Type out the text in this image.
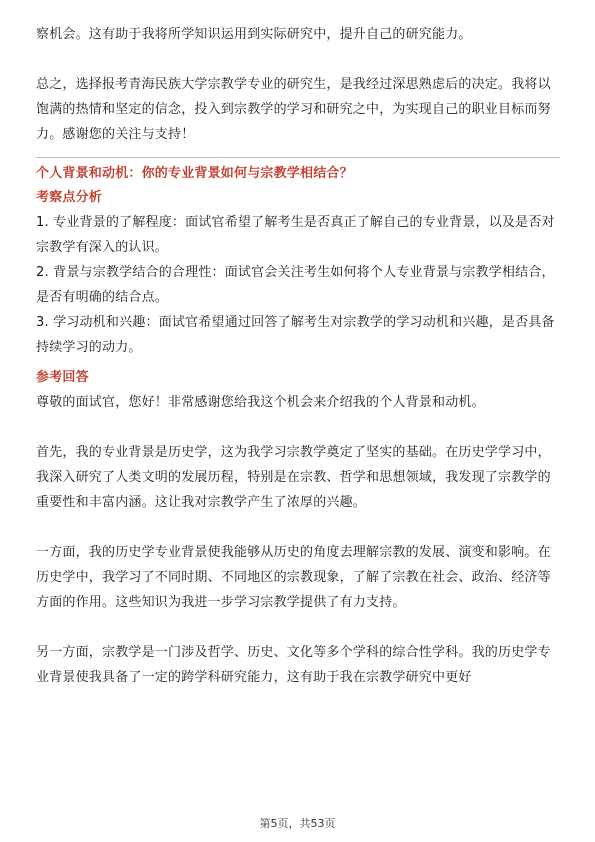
察机会。这有助于我将所学知识运用到实际研究中，提升自己的研究能力。

总之，选择报考青海民族大学宗教学专业的研究生，是我经过深思熟虑后的决定。我将以饱满的热情和坚定的信念，投入到宗教学的学习和研究之中，为实现自己的职业目标而努力。感谢您的关注与支持！

个人背景和动机：你的专业背景如何与宗教学相结合？

考察点分析

1. 专业背景的了解程度：面试官希望了解考生是否真正了解自己的专业背景，以及是否对宗教学有深入的认识。

2. 背景与宗教学结合的合理性：面试官会关注考生如何将个人专业背景与宗教学相结合，是否有明确的结合点。

3. 学习动机和兴趣：面试官希望通过回答了解考生对宗教学的学习动机和兴趣，是否具备持续学习的动力。

参考回答

尊敬的面试官，您好！非常感谢您给我这个机会来介绍我的个人背景和动机。

首先，我的专业背景是历史学，这为我学习宗教学奠定了坚实的基础。在历史学学习中，我深入研究了人类文明的发展历程，特别是在宗教、哲学和思想领域，我发现了宗教学的重要性和丰富内涵。这让我对宗教学产生了浓厚的兴趣。

一方面，我的历史学专业背景使我能够从历史的角度去理解宗教的发展、演变和影响。在历史学中，我学习了不同时期、不同地区的宗教现象，了解了宗教在社会、政治、经济等方面的作用。这些知识为我进一步学习宗教学提供了有力支持。

另一方面，宗教学是一门涉及哲学、历史、文化等多个学科的综合性学科。我的历史学专业背景使我具备了一定的跨学科研究能力，这有助于我在宗教学研究中更好

第5页，共53页
